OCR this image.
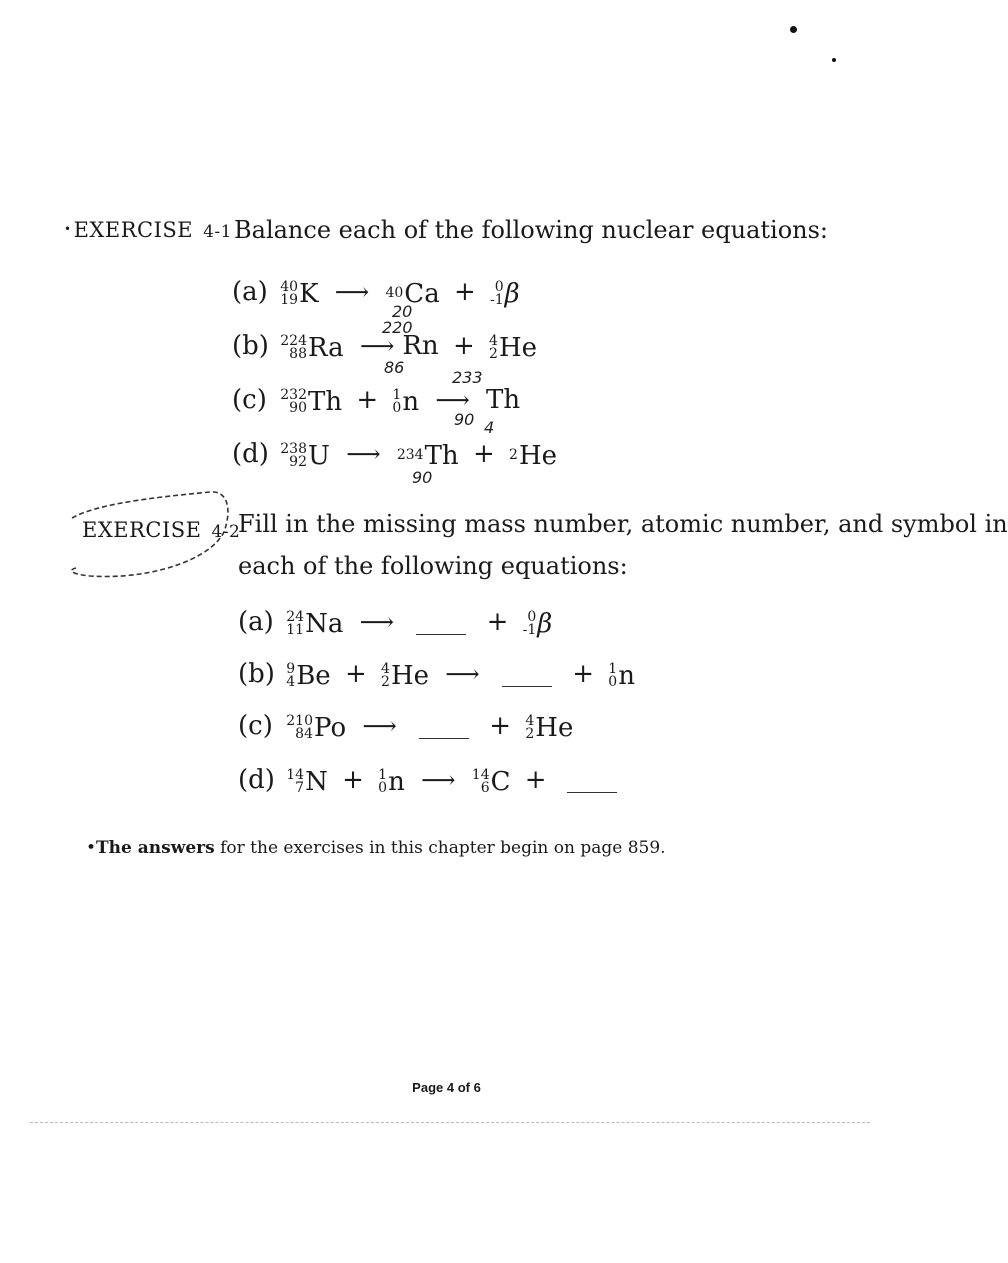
•EXERCISE 4-1 Balance each of the following nuclear equations:
(a) 40
19 K ⟶ 40 Ca +	0
-1 β
20
(b) 224
88 Ra ⟶ Rn + 4
2 He
220
86
(c) 232
90 Th + 1
0 n ⟶ Th
233
90
(d) 238
92 U ⟶ 234 Th + 2 He
4
90
EXERCISE 4-2
Fill in the missing mass number, atomic number, and symbol in
each of the following equations:
(a) 24
11 Na ⟶	+	0
-1 β
(b) 9
4 Be + 4
2 He ⟶	+ 1
0 n
(c) 210
84 Po ⟶	+ 4
2 He
(d) 14
7 N + 1
0 n ⟶ 14
6 C +
•The answers for the exercises in this chapter begin on page 859.
Page 4 of 6
